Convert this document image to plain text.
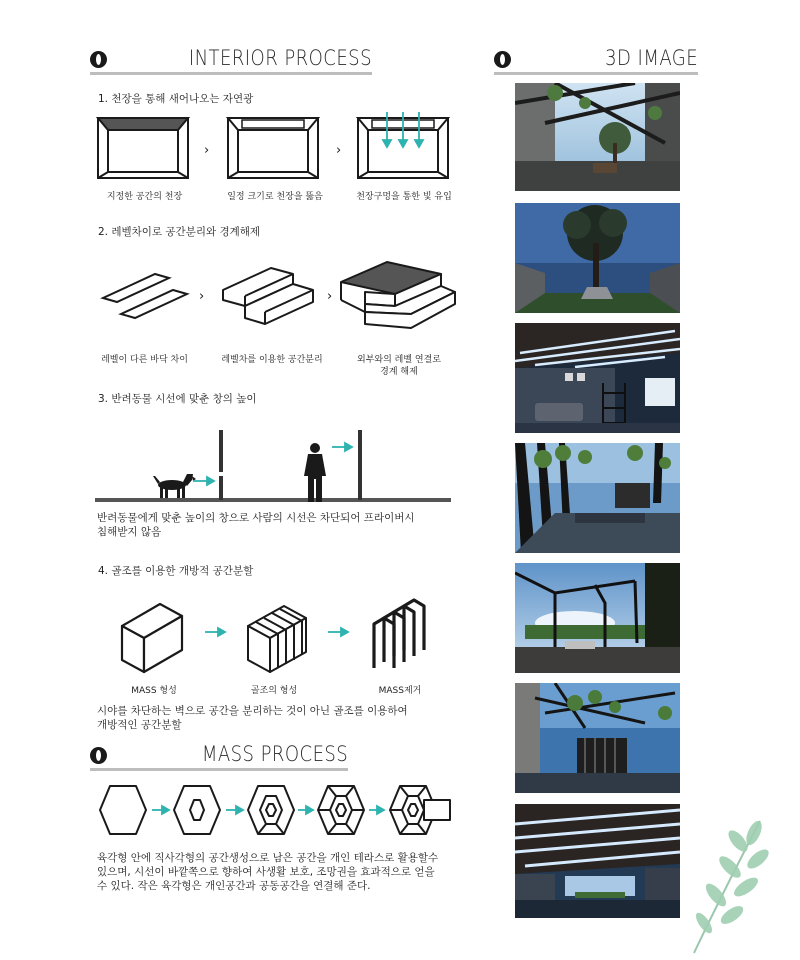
INTERIOR PROCESS	3D IMAGE
1. 천장을 통해 새어나오는 자연광
›	›
지정한 공간의 천장	일정 크기로 천장을 뚫음	천장구멍을 통한 빛 유입
2. 레벨차이로 공간분리와 경계해제
›	›
레벨이 다른 바닥 차이	레벨차를 이용한 공간분리	외부와의 레벨 연결로
경계 해제
3. 반려동물 시선에 맞춘 창의 높이
반려동물에게 맞춘 높이의 창으로 사람의 시선은 차단되어 프라이버시
침해받지 않음
4. 골조를 이용한 개방적 공간분할
MASS 형성	골조의 형성	MASS제거
시야를 차단하는 벽으로 공간을 분리하는 것이 아닌 골조를 이용하여
개방적인 공간분할
MASS PROCESS
육각형 안에 직사각형의 공간생성으로 남은 공간을 개인 테라스로 활용할수
있으며, 시선이 바깥쪽으로 향하여 사생활 보호, 조망권을 효과적으로 얻을
수 있다. 작은 육각형은 개인공간과 공동공간을 연결해 준다.
